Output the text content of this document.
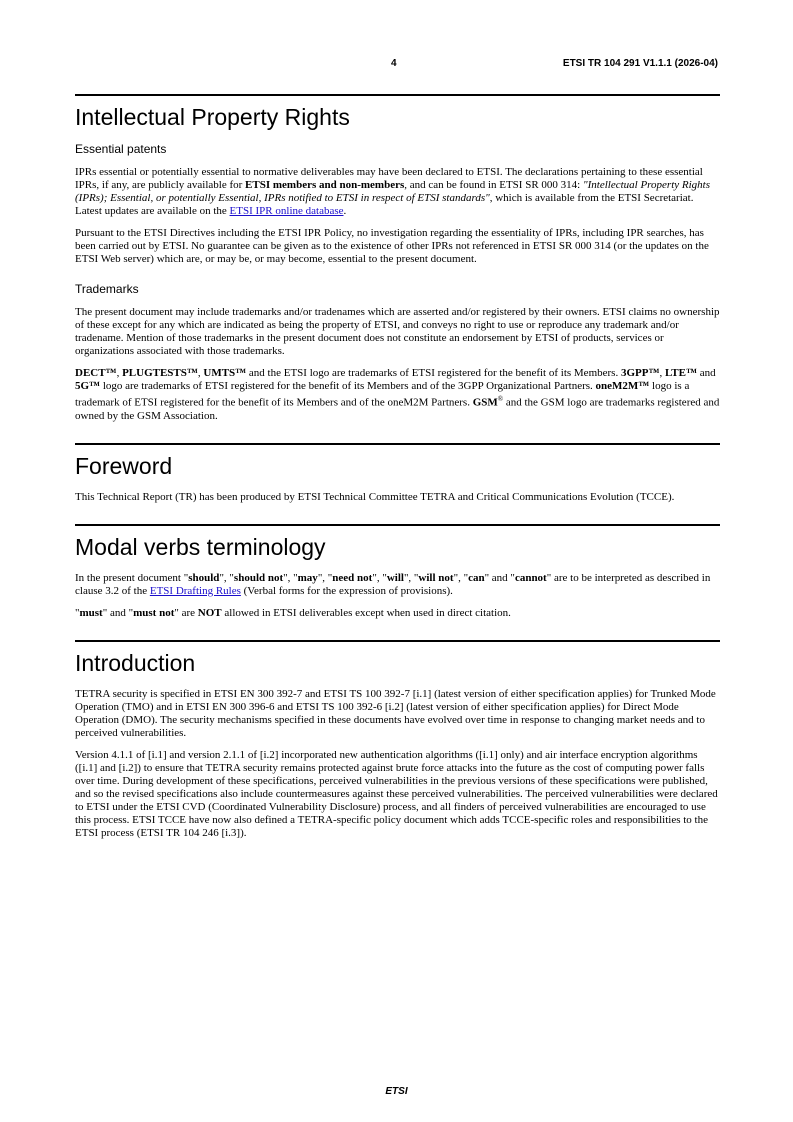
4	ETSI TR 104 291 V1.1.1 (2026-04)
Intellectual Property Rights
Essential patents

IPRs essential or potentially essential to normative deliverables may have been declared to ETSI. The declarations pertaining to these essential IPRs, if any, are publicly available for ETSI members and non-members, and can be found in ETSI SR 000 314: "Intellectual Property Rights (IPRs); Essential, or potentially Essential, IPRs notified to ETSI in respect of ETSI standards", which is available from the ETSI Secretariat. Latest updates are available on the ETSI IPR online database.

Pursuant to the ETSI Directives including the ETSI IPR Policy, no investigation regarding the essentiality of IPRs, including IPR searches, has been carried out by ETSI. No guarantee can be given as to the existence of other IPRs not referenced in ETSI SR 000 314 (or the updates on the ETSI Web server) which are, or may be, or may become, essential to the present document.

Trademarks

The present document may include trademarks and/or tradenames which are asserted and/or registered by their owners. ETSI claims no ownership of these except for any which are indicated as being the property of ETSI, and conveys no right to use or reproduce any trademark and/or tradename. Mention of those trademarks in the present document does not constitute an endorsement by ETSI of products, services or organizations associated with those trademarks.

DECT™, PLUGTESTS™, UMTS™ and the ETSI logo are trademarks of ETSI registered for the benefit of its Members. 3GPP™, LTE™ and 5G™ logo are trademarks of ETSI registered for the benefit of its Members and of the 3GPP Organizational Partners. oneM2M™ logo is a trademark of ETSI registered for the benefit of its Members and of the oneM2M Partners. GSM® and the GSM logo are trademarks registered and owned by the GSM Association.

Foreword

This Technical Report (TR) has been produced by ETSI Technical Committee TETRA and Critical Communications Evolution (TCCE).

Modal verbs terminology

In the present document "should", "should not", "may", "need not", "will", "will not", "can" and "cannot" are to be interpreted as described in clause 3.2 of the ETSI Drafting Rules (Verbal forms for the expression of provisions).

"must" and "must not" are NOT allowed in ETSI deliverables except when used in direct citation.

Introduction

TETRA security is specified in ETSI EN 300 392-7 and ETSI TS 100 392-7 [i.1] (latest version of either specification applies) for Trunked Mode Operation (TMO) and in ETSI EN 300 396-6 and ETSI TS 100 392-6 [i.2] (latest version of either specification applies) for Direct Mode Operation (DMO). The security mechanisms specified in these documents have evolved over time in response to changing market needs and to perceived vulnerabilities.

Version 4.1.1 of [i.1] and version 2.1.1 of [i.2] incorporated new authentication algorithms ([i.1] only) and air interface encryption algorithms ([i.1] and [i.2]) to ensure that TETRA security remains protected against brute force attacks into the future as the cost of computing power falls over time. During development of these specifications, perceived vulnerabilities in the previous versions of these specifications were published, and so the revised specifications also include countermeasures against these perceived vulnerabilities. The perceived vulnerabilities were declared to ETSI under the ETSI CVD (Coordinated Vulnerability Disclosure) process, and all finders of perceived vulnerabilities are encouraged to use this process. ETSI TCCE have now also defined a TETRA-specific policy document which adds TCCE-specific roles and responsibilities to the ETSI process (ETSI TR 104 246 [i.3]).

ETSI
